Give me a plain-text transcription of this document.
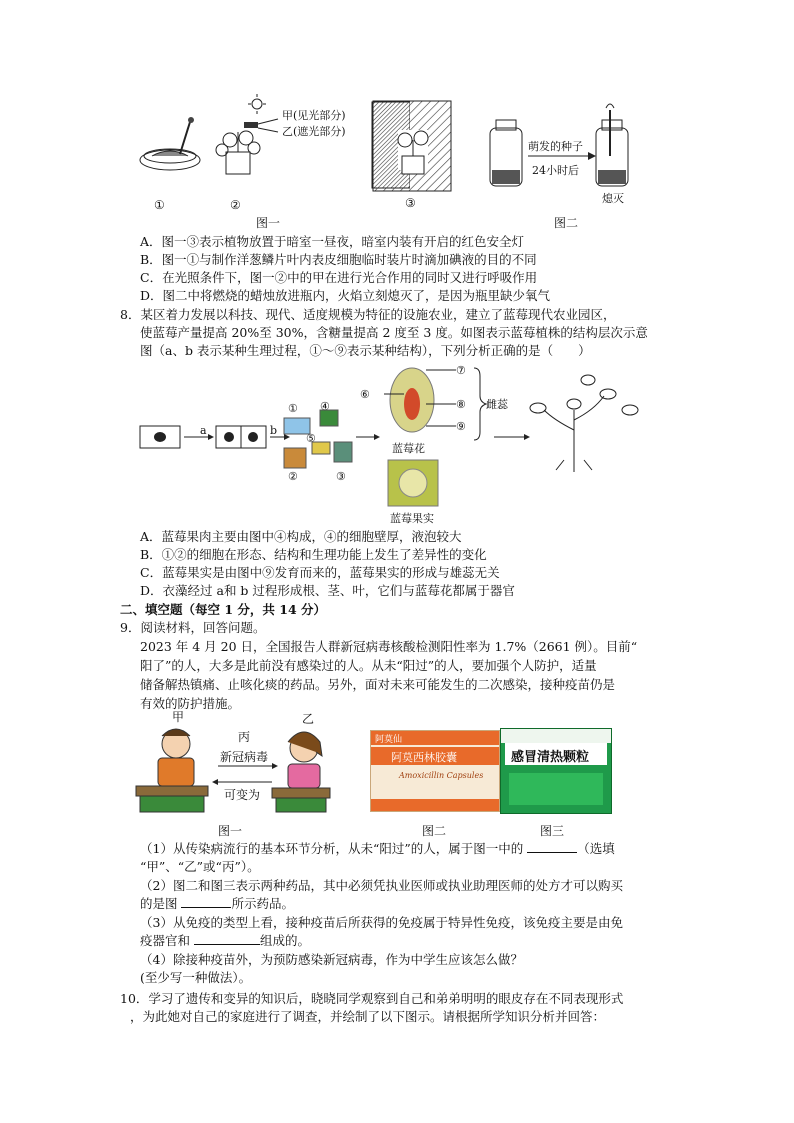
甲(见光部分)
乙(遮光部分)
①	②	③
萌发的种子
24小时后
熄灭
图一	图二
A．图一③表示植物放置于暗室一昼夜，暗室内装有开启的红色安全灯
B．图一①与制作洋葱鳞片叶内表皮细胞临时装片时滴加碘液的目的不同
C．在光照条件下，图一②中的甲在进行光合作用的同时又进行呼吸作用
D．图二中将燃烧的蜡烛放进瓶内，火焰立刻熄灭了，是因为瓶里缺少氧气
8．某区着力发展以科技、现代、适度规模为特征的设施农业，建立了蓝莓现代农业园区，
使蓝莓产量提高 20%至 30%，含糖量提高 2 度至 3 度。如图表示蓝莓植株的结构层次示意
图（a、b 表示某种生理过程，①～⑨表示某种结构），下列分析正确的是（　　）
a	b
①
②	③
④
⑤
⑥
⑦
⑧
⑨
雌蕊
蓝莓花
蓝莓果实
A．蓝莓果肉主要由图中④构成，④的细胞壁厚，液泡较大
B．①②的细胞在形态、结构和生理功能上发生了差异性的变化
C．蓝莓果实是由图中⑨发育而来的，蓝莓果实的形成与雄蕊无关
D．衣藻经过 a和 b 过程形成根、茎、叶，它们与蓝莓花都属于器官
二、填空题（每空 1 分，共 14 分）
9．阅读材料，回答问题。
2023 年 4 月 20 日，全国报告人群新冠病毒核酸检测阳性率为 1.7%（2661 例）。目前“
阳了”的人，大多是此前没有感染过的人。从未“阳过”的人，要加强个人防护，适量
储备解热镇痛、止咳化痰的药品。另外，面对未来可能发生的二次感染，接种疫苗仍是
有效的防护措施。
甲	乙
丙
新冠病毒
可变为
阿莫仙
阿莫西林胶囊
Amoxicillin Capsules
感冒清热颗粒
图一	图二	图三
（1）从传染病流行的基本环节分析，从未“阳过”的人，属于图一中的	（选填
“甲”、“乙”或“丙”）。
（2）图二和图三表示两种药品，其中必须凭执业医师或执业助理医师的处方才可以购买
的是图	所示药品。
（3）从免疫的类型上看，接种疫苗后所获得的免疫属于特异性免疫，该免疫主要是由免
疫器官和	组成的。
（4）除接种疫苗外，为预防感染新冠病毒，作为中学生应该怎么做？
(至少写一种做法）。
10．学习了遗传和变异的知识后，晓晓同学观察到自己和弟弟明明的眼皮存在不同表现形式
，为此她对自己的家庭进行了调查，并绘制了以下图示。请根据所学知识分析并回答：
